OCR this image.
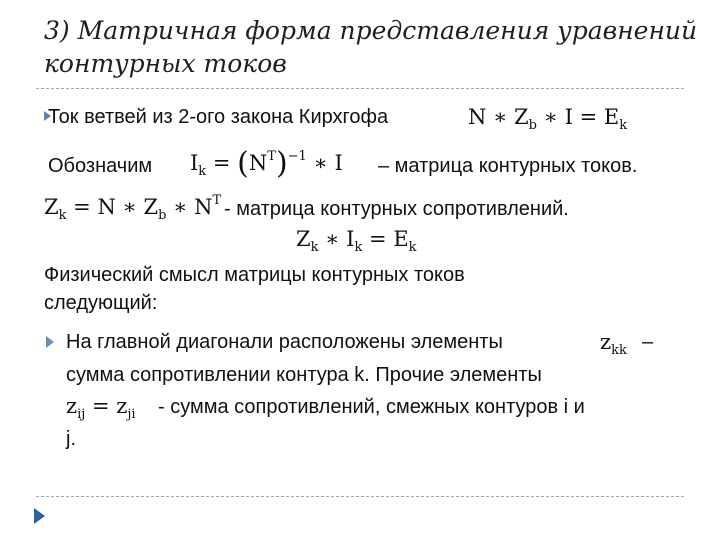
3) Матричная форма представления уравнений контурных токов
Ток ветвей из 2-ого закона Кирхгофа	N ∗ $Z_b$ ∗ $I = E_k$
Обозначим $I_k = (N^T)^{-1}$ ∗ I – матрица контурных токов.
$Z_k = N$ ∗ $Z_b$ ∗ $N^T$ - матрица контурных сопротивлений.
$Z_k$ ∗ $I_k = E_k$
Физический смысл матрицы контурных токов
следующий:
На главной диагонали расположены элементы	$z_{kk}$ –
сумма сопротивлении контура k. Прочие элементы
$z_{ij} = z_{ji}$ - сумма сопротивлений, смежных контуров i и
j.
